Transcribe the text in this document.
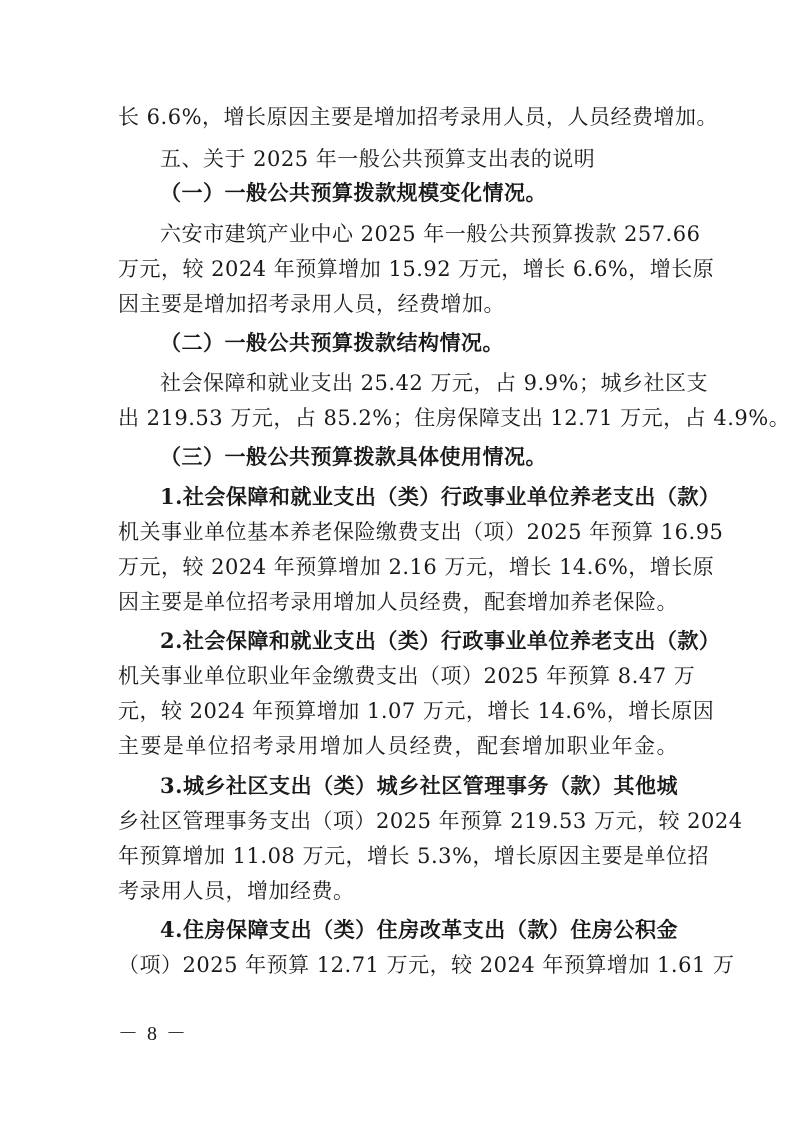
长 6.6%，增长原因主要是增加招考录用人员，人员经费增加。
五、关于 2025 年一般公共预算支出表的说明
（一）一般公共预算拨款规模变化情况。
六安市建筑产业中心 2025 年一般公共预算拨款 257.66
万元，较 2024 年预算增加 15.92 万元，增长 6.6%，增长原
因主要是增加招考录用人员，经费增加。
（二）一般公共预算拨款结构情况。
社会保障和就业支出 25.42 万元，占 9.9%；城乡社区支
出 219.53 万元，占 85.2%；住房保障支出 12.71 万元，占 4.9%。
（三）一般公共预算拨款具体使用情况。
1.社会保障和就业支出（类）行政事业单位养老支出（款）
机关事业单位基本养老保险缴费支出（项）2025 年预算 16.95
万元，较 2024 年预算增加 2.16 万元，增长 14.6%，增长原
因主要是单位招考录用增加人员经费，配套增加养老保险。
2.社会保障和就业支出（类）行政事业单位养老支出（款）
机关事业单位职业年金缴费支出（项）2025 年预算 8.47 万
元，较 2024 年预算增加 1.07 万元，增长 14.6%，增长原因
主要是单位招考录用增加人员经费，配套增加职业年金。
3.城乡社区支出（类）城乡社区管理事务（款）其他城
乡社区管理事务支出（项）2025 年预算 219.53 万元，较 2024
年预算增加 11.08 万元，增长 5.3%，增长原因主要是单位招
考录用人员，增加经费。
4.住房保障支出（类）住房改革支出（款）住房公积金
（项）2025 年预算 12.71 万元，较 2024 年预算增加 1.61 万
－ 8 －
